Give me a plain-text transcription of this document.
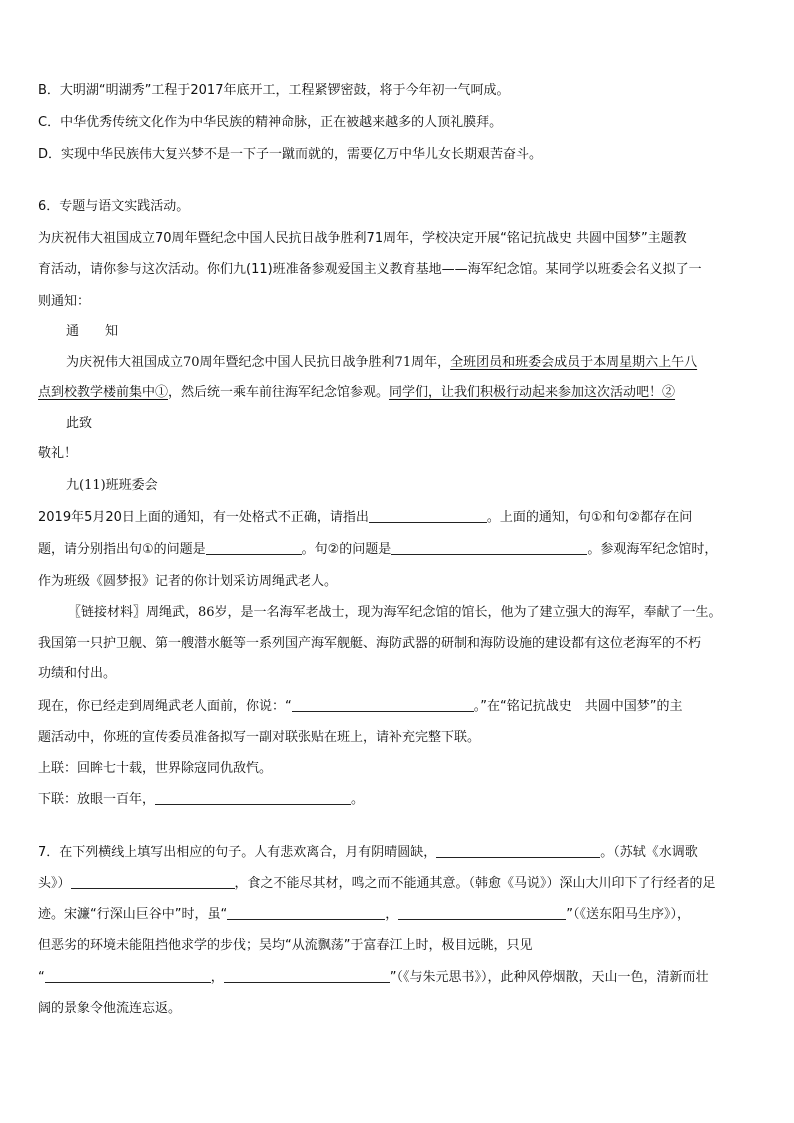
B．大明湖“明湖秀”工程于2017年底开工，工程紧锣密鼓，将于今年初一气呵成。
C．中华优秀传统文化作为中华民族的精神命脉，正在被越来越多的人顶礼膜拜。
D．实现中华民族伟大复兴梦不是一下子一蹴而就的，需要亿万中华儿女长期艰苦奋斗。
6．专题与语文实践活动。
为庆祝伟大祖国成立70周年暨纪念中国人民抗日战争胜利71周年，学校决定开展“铭记抗战史 共圆中国梦”主题教
育活动，请你参与这次活动。你们九(11)班准备参观爱国主义教育基地——海军纪念馆。某同学以班委会名义拟了一
则通知：
通　　知
为庆祝伟大祖国成立70周年暨纪念中国人民抗日战争胜利71周年，全班团员和班委会成员于本周星期六上午八
点到校教学楼前集中①，然后统一乘车前往海军纪念馆参观。同学们，让我们积极行动起来参加这次活动吧！②
此致
敬礼！
九(11)班班委会
2019年5月20日上面的通知，有一处格式不正确，请指出	。上面的通知，句①和句②都存在问
题，请分别指出句①的问题是	。句②的问题是	。参观海军纪念馆时，
作为班级《圆梦报》记者的你计划采访周绳武老人。
〖链接材料〗周绳武，86岁，是一名海军老战士，现为海军纪念馆的馆长，他为了建立强大的海军，奉献了一生。
我国第一只护卫舰、第一艘潜水艇等一系列国产海军舰艇、海防武器的研制和海防设施的建设都有这位老海军的不朽
功绩和付出。
现在，你已经走到周绳武老人面前，你说：“	。”在“铭记抗战史　共圆中国梦”的主
题活动中，你班的宣传委员准备拟写一副对联张贴在班上，请补充完整下联。
上联：回眸七十载，世界除寇同仇敌忾。
下联：放眼一百年，	。
7．在下列横线上填写出相应的句子。人有悲欢离合，月有阴晴圆缺，	。（苏轼《水调歌
头》）	，食之不能尽其材，鸣之而不能通其意。（韩愈《马说》）深山大川印下了行经者的足
迹。宋濂“行深山巨谷中”时，虽“	，	”（《送东阳马生序》），
但恶劣的环境未能阻挡他求学的步伐；吴均“从流飘荡”于富春江上时，极目远眺，只见
“	，	”（《与朱元思书》），此种风停烟散，天山一色，清新而壮
阔的景象令他流连忘返。
